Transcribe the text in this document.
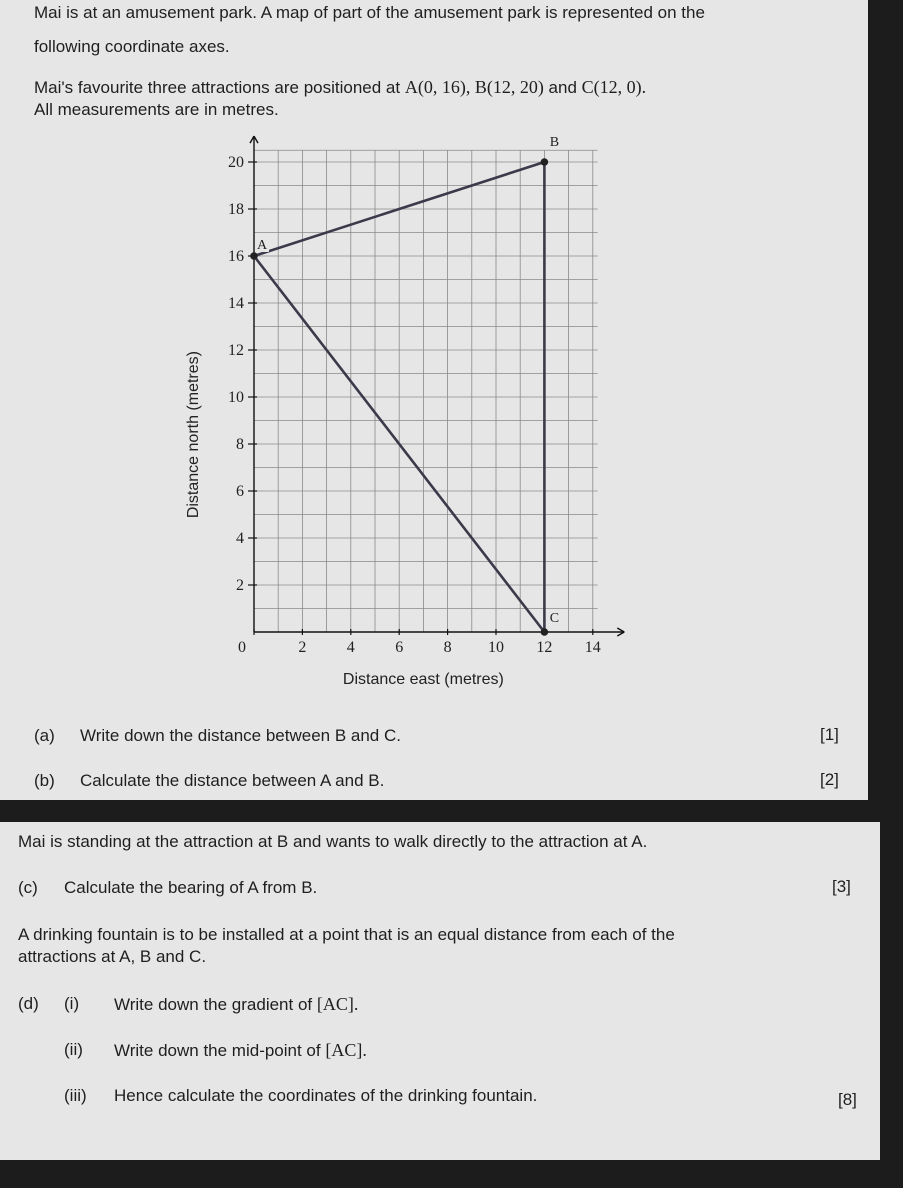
Mai is at an amusement park. A map of part of the amusement park is represented on the
following coordinate axes.
Mai's favourite three attractions are positioned at A(0, 16), B(12, 20) and C(12, 0).
All measurements are in metres.
0	2	4	6	8 10 12 14
2
4
6
8
10
12
14
16
18
20
A
B
C
Distance east (metres)
Distance north (metres)
(a) Write down the distance between B and C.	[1]
(b) Calculate the distance between A and B.	[2]
Mai is standing at the attraction at B and wants to walk directly to the attraction at A.
(c) Calculate the bearing of A from B.	[3]
A drinking fountain is to be installed at a point that is an equal distance from each of the
attractions at A, B and C.
(d) (i) Write down the gradient of [AC].
(ii) Write down the mid-point of [AC].
(iii) Hence calculate the coordinates of the drinking fountain.	[8]
